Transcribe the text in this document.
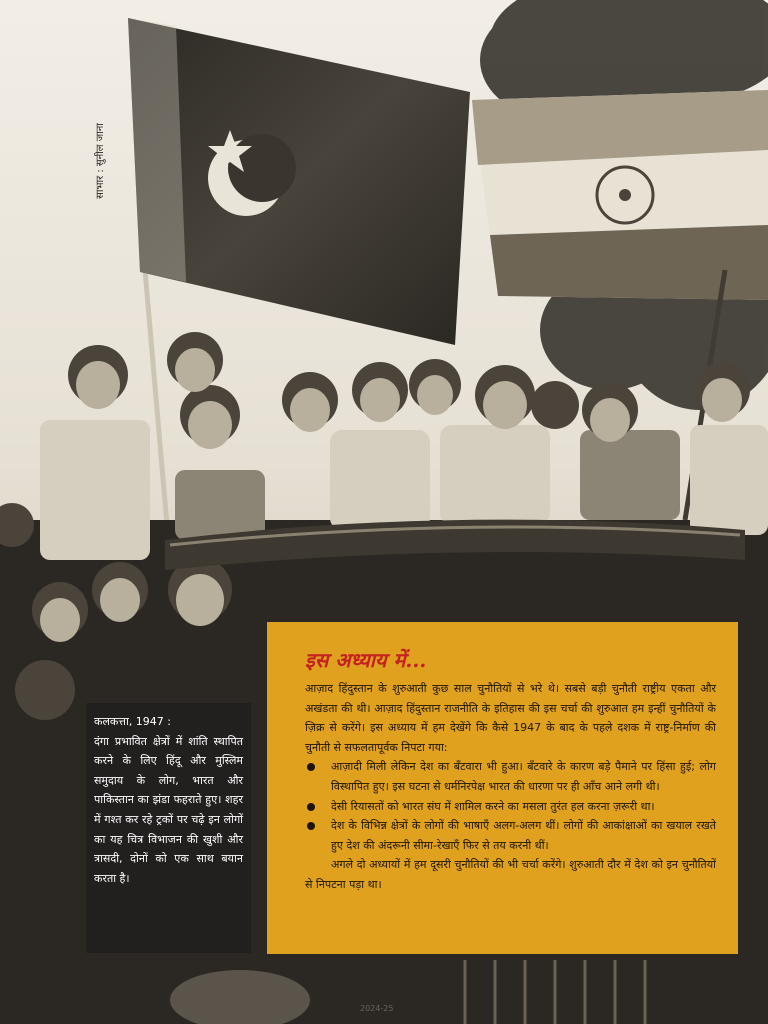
साभार : सुनील जाना
कलकत्ता, 1947 :
दंगा प्रभावित क्षेत्रों में शांति स्थापित करने के लिए हिंदू और मुस्लिम समुदाय के लोग, भारत और पाकिस्तान का झंडा फहराते हुए। शहर में गश्त कर रहे ट्रकों पर चढ़े इन लोगों का यह चित्र विभाजन की खुशी और त्रासदी, दोनों को एक साथ बयान करता है।
इस अध्याय में...

आज़ाद हिंदुस्तान के शुरुआती कुछ साल चुनौतियों से भरे थे। सबसे बड़ी चुनौती राष्ट्रीय एकता और अखंडता की थी। आज़ाद हिंदुस्तान राजनीति के इतिहास की इस चर्चा की शुरुआत हम इन्हीं चुनौतियों के ज़िक्र से करेंगे। इस अध्याय में हम देखेंगे कि कैसे 1947 के बाद के पहले दशक में राष्ट्र-निर्माण की चुनौती से सफलतापूर्वक निपटा गया:

आज़ादी मिली लेकिन देश का बँटवारा भी हुआ। बँटवारे के कारण बड़े पैमाने पर हिंसा हुई; लोग विस्थापित हुए। इस घटना से धर्मनिरपेक्ष भारत की धारणा पर ही आँच आने लगी थी।
देसी रियासतों को भारत संघ में शामिल करने का मसला तुरंत हल करना ज़रूरी था।
देश के विभिन्न क्षेत्रों के लोगों की भाषाएँ अलग-अलग थीं। लोगों की आकांक्षाओं का खयाल रखते हुए देश की अंदरूनी सीमा-रेखाएँ फिर से तय करनी थीं।

अगले दो अध्यायों में हम दूसरी चुनौतियों की भी चर्चा करेंगे। शुरुआती दौर में देश को इन चुनौतियों से निपटना पड़ा था।

2024-25
